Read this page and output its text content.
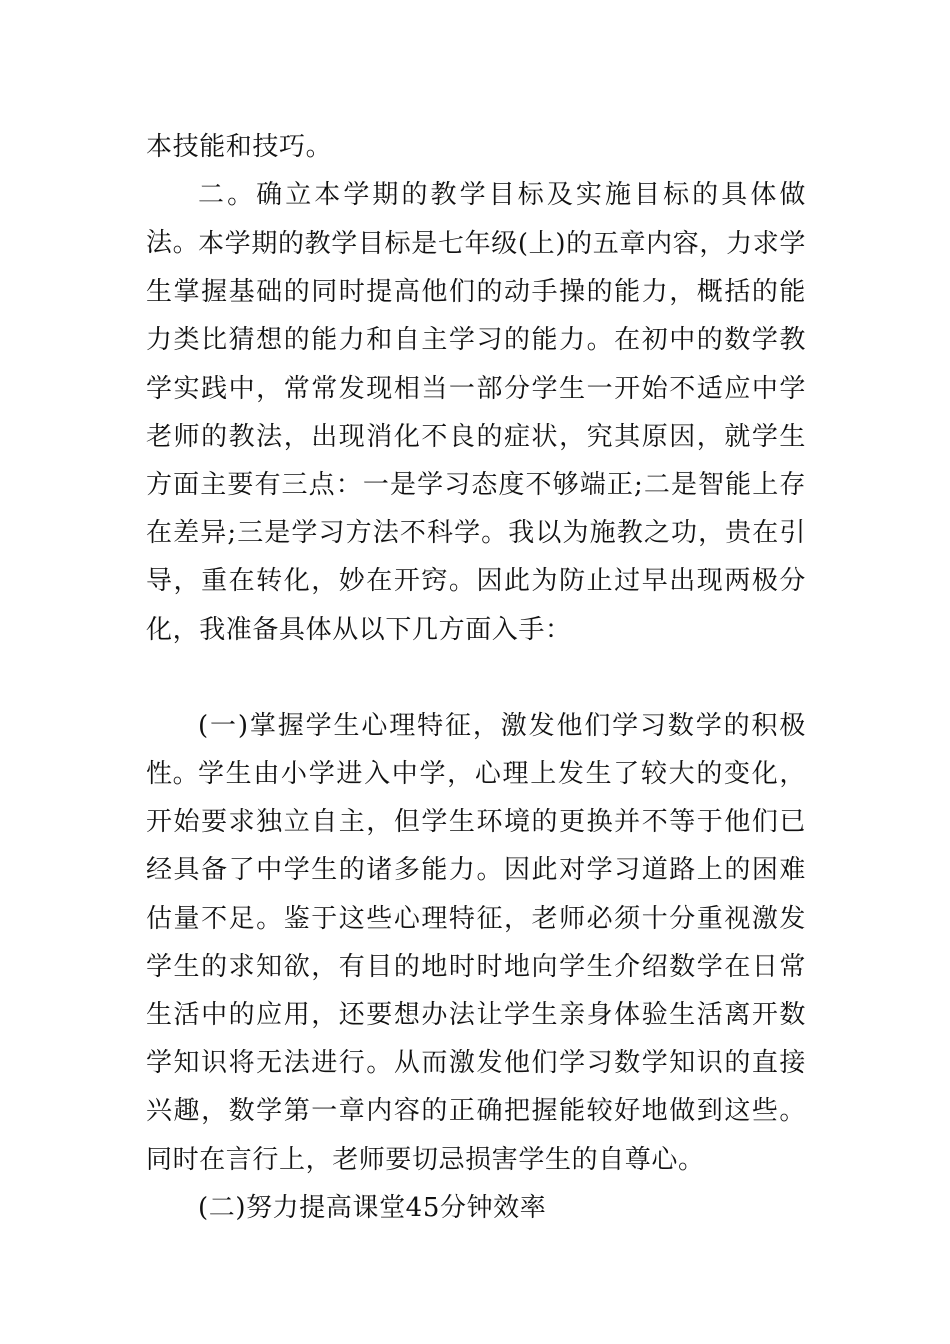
本技能和技巧。

二。确立本学期的教学目标及实施目标的具体做法。

本学期的教学目标是七年级(上)的五章内容，力求学生掌握基础的同时提高他们的动手操的能力，概括的能力类比猜想的能力和自主学习的能力。在初中的数学教学实践中，常常发现相当一部分学生一开始不适应中学老师的教法，出现消化不良的症状，究其原因，就学生方面主要有三点：一是学习态度不够端正;二是智能上存在差异;三是学习方法不科学。我以为施教之功，贵在引导，重在转化，妙在开窍。因此为防止过早出现两极分化，我准备具体从以下几方面入手：

(一)掌握学生心理特征，激发他们学习数学的积极性。

学生由小学进入中学，心理上发生了较大的变化，开始要求独立自主，但学生环境的更换并不等于他们已经具备了中学生的诸多能力。因此对学习道路上的困难估量不足。鉴于这些心理特征，老师必须十分重视激发学生的求知欲，有目的地时时地向学生介绍数学在日常生活中的应用，还要想办法让学生亲身体验生活离开数学知识将无法进行。从而激发他们学习数学知识的直接兴趣，数学第一章内容的正确把握能较好地做到这些。同时在言行上，老师要切忌损害学生的自尊心。

(二)努力提高课堂45分钟效率
